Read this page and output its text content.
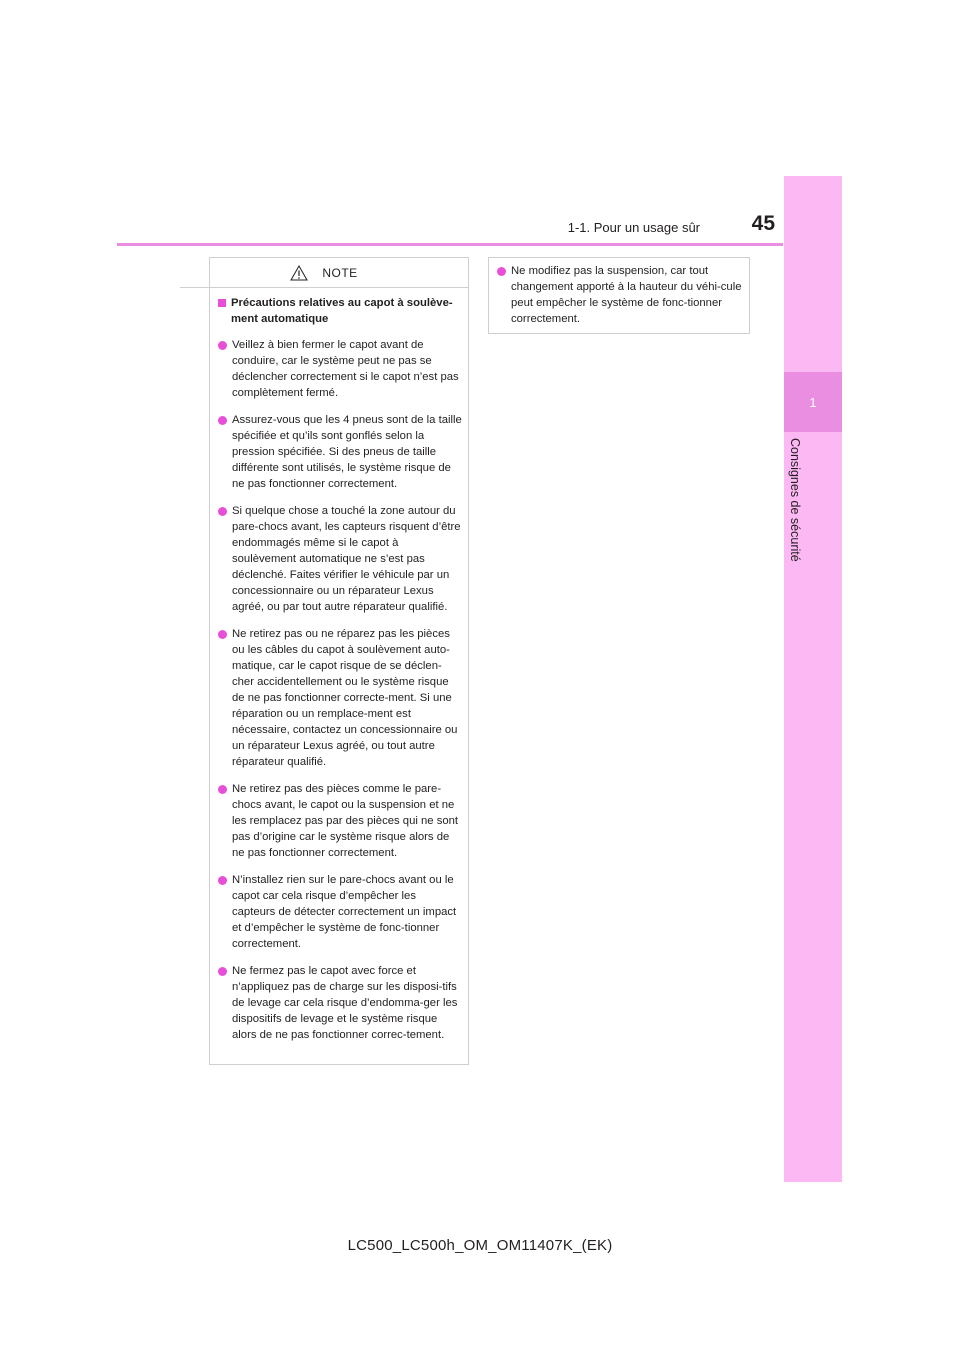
1-1. Pour un usage sûr	45
1
Consignes de sécurité
NOTE
Précautions relatives au capot à soulève-ment automatique
Veillez à bien fermer le capot avant de conduire, car le système peut ne pas se déclencher correctement si le capot n’est pas complètement fermé.
Assurez-vous que les 4 pneus sont de la taille spécifiée et qu’ils sont gonflés selon la pression spécifiée. Si des pneus de taille différente sont utilisés, le système risque de ne pas fonctionner correctement.
Si quelque chose a touché la zone autour du pare-chocs avant, les capteurs risquent d’être endommagés même si le capot à soulèvement automatique ne s’est pas déclenché. Faites vérifier le véhicule par un concessionnaire ou un réparateur Lexus agréé, ou par tout autre réparateur qualifié.
Ne retirez pas ou ne réparez pas les pièces ou les câbles du capot à soulèvement auto-matique, car le capot risque de se déclen-cher accidentellement ou le système risque de ne pas fonctionner correcte-ment. Si une réparation ou un remplace-ment est nécessaire, contactez un concessionnaire ou un réparateur Lexus agréé, ou tout autre réparateur qualifié.
Ne retirez pas des pièces comme le pare-chocs avant, le capot ou la suspension et ne les remplacez pas par des pièces qui ne sont pas d’origine car le système risque alors de ne pas fonctionner correctement.
N’installez rien sur le pare-chocs avant ou le capot car cela risque d’empêcher les capteurs de détecter correctement un impact et d’empêcher le système de fonc-tionner correctement.
Ne fermez pas le capot avec force et n’appliquez pas de charge sur les disposi-tifs de levage car cela risque d’endomma-ger les dispositifs de levage et le système risque alors de ne pas fonctionner correc-tement.
Ne modifiez pas la suspension, car tout changement apporté à la hauteur du véhi-cule peut empêcher le système de fonc-tionner correctement.
LC500_LC500h_OM_OM11407K_(EK)
